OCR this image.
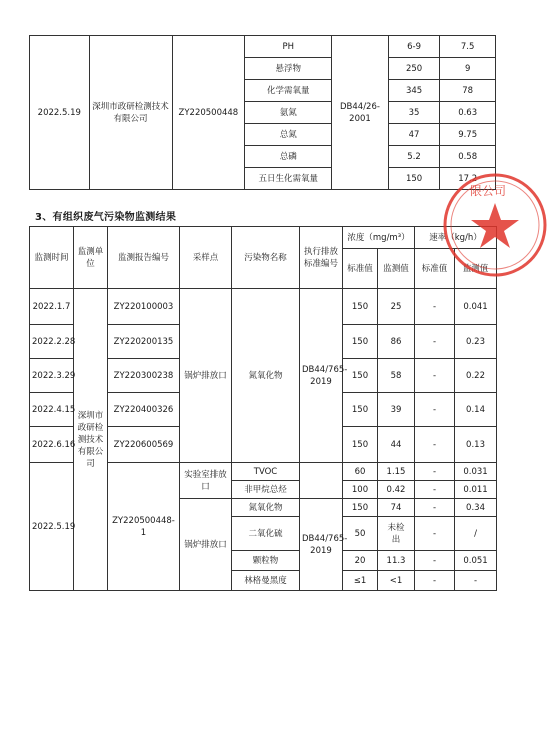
2022.5.19	深圳市政研检测技术有限公司	ZY220500448	PH	DB44/26-2001	6-9	7.5
			悬浮物		250	9
			化学需氧量		345	78
			氨氮		35	0.63
			总氮		47	9.75
			总磷		5.2	0.58
			五日生化需氧量		150	17.2
3、有组织废气污染物监测结果
监测时间	监测单位	监测报告编号	采样点	污染物名称	执行排放标准编号	浓度（mg/m³）		速率（kg/h）	
						标准值	监测值	标准值	监测值
2022.1.7	深圳市政研检测技术有限公司	ZY220100003	锅炉排放口	氮氧化物	DB44/765-2019	150	25	-	0.041
2022.2.28		ZY220200135				150	86	-	0.23
2022.3.29		ZY220300238				150	58	-	0.22
2022.4.15		ZY220400326				150	39	-	0.14
2022.6.16		ZY220600569				150	44	-	0.13
2022.5.19		ZY220500448-1	实验室排放口	TVOC		60	1.15	-	0.031
				非甲烷总烃		100	0.42	-	0.011
			锅炉排放口	氮氧化物	DB44/765-2019	150	74	-	0.34
				二氧化硫		50	未检出	-	/
				颗粒物		20	11.3	-	0.051
				林格曼黑度		≤1	<1	-	-
限公司
